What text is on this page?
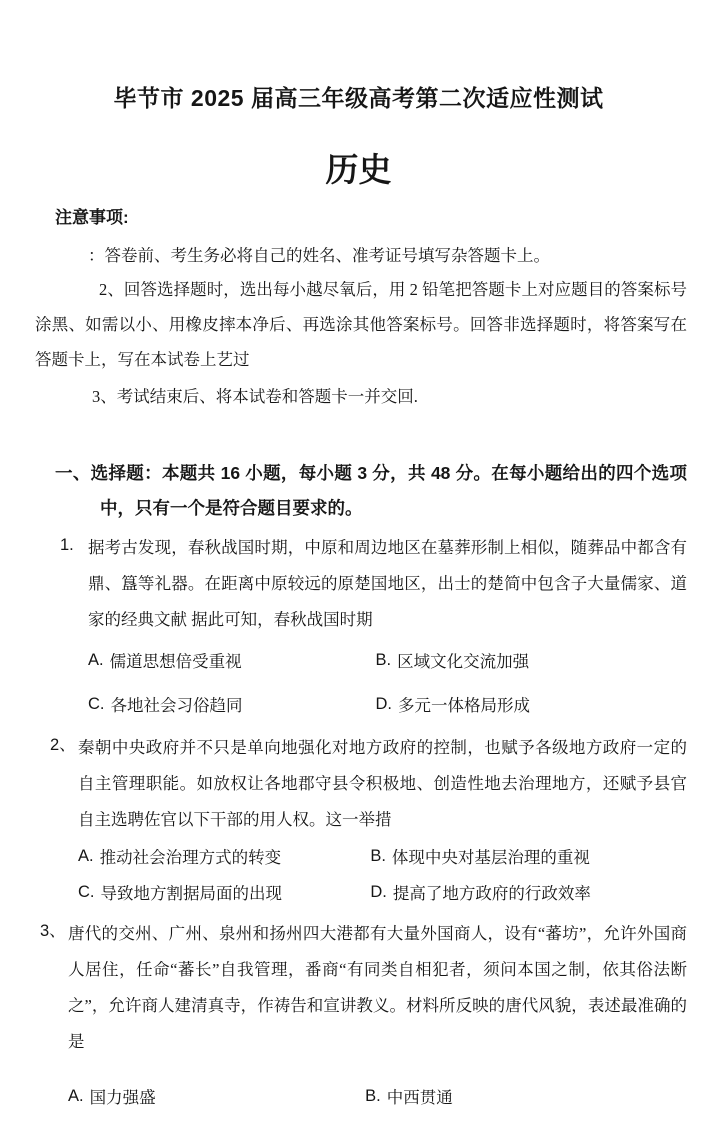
毕节市 2025 届高三年级高考第二次适应性测试
历史
注意事项:
：答卷前、考生务必将自己的姓名、准考证号填写杂答题卡上。
2、回答选择题时，选出每小越尽氧后，用 2 铅笔把答题卡上对应题目的答案标号涂黑、如需以小、用橡皮摔本净后、再选涂其他答案标号。回答非选择题时，将答案写在答题卡上，写在本试卷上艺过
3、考试结束后、将本试卷和答题卡一并交回.
一、选择题：本题共 16 小题，每小题 3 分，共 48 分。在每小题给出的四个选项中，只有一个是符合题目要求的。
1. 据考古发现，春秋战国时期，中原和周边地区在墓葬形制上相似，随葬品中都含有鼎、簋等礼器。在距离中原较远的原楚国地区，出士的楚简中包含子大量儒家、道家的经典文献 据此可知，春秋战国时期
A. 儒道思想倍受重视	B. 区域文化交流加强
C. 各地社会习俗趋同	D. 多元一体格局形成
2、 秦朝中央政府并不只是单向地强化对地方政府的控制，也赋予各级地方政府一定的自主管理职能。如放权让各地郡守县令积极地、创造性地去治理地方，还赋予县官自主选聘佐官以下干部的用人权。这一举措
A. 推动社会治理方式的转变	B. 体现中央对基层治理的重视
C. 导致地方割据局面的出现	D. 提高了地方政府的行政效率
3、 唐代的交州、广州、泉州和扬州四大港都有大量外国商人，设有“蕃坊”，允许外国商人居住，任命“蕃长”自我管理，番商“有同类自相犯者，须问本国之制，依其俗法断之”，允许商人建清真寺，作祷告和宣讲教义。材料所反映的唐代风貌，表述最准确的是
A. 国力强盛	B. 中西贯通
